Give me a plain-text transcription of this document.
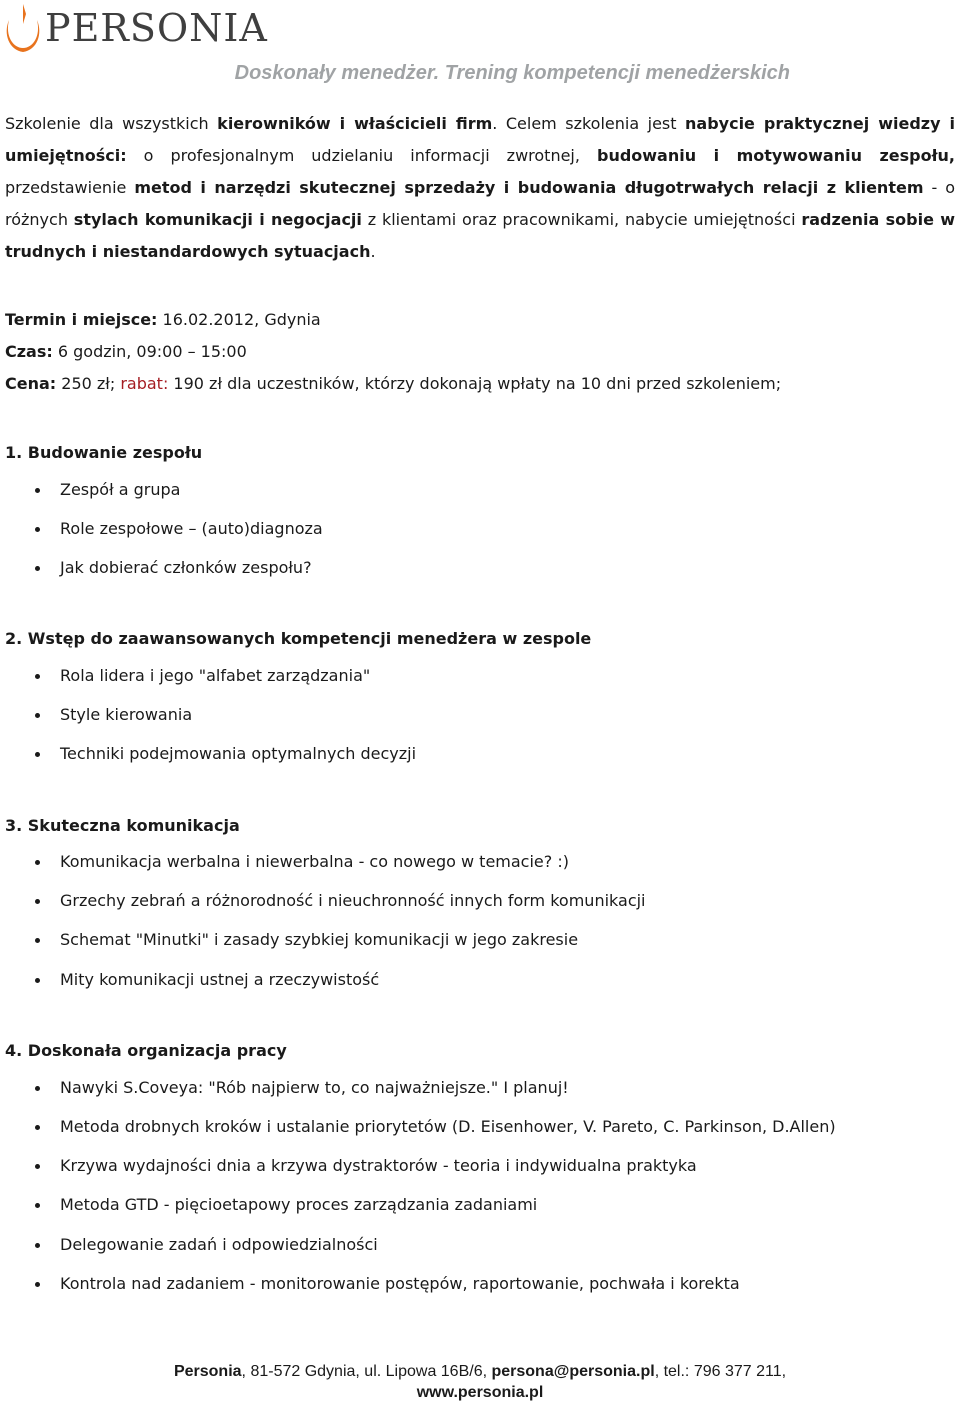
PERSONIA
Doskonały menedżer. Trening kompetencji menedżerskich
Szkolenie dla wszystkich kierowników i właścicieli firm. Celem szkolenia jest nabycie praktycznej wiedzy i umiejętności: o profesjonalnym udzielaniu informacji zwrotnej, budowaniu i motywowaniu zespołu, przedstawienie metod i narzędzi skutecznej sprzedaży i budowania długotrwałych relacji z klientem - o różnych stylach komunikacji i negocjacji z klientami oraz pracownikami, nabycie umiejętności radzenia sobie w trudnych i niestandardowych sytuacjach.
Termin i miejsce: 16.02.2012, Gdynia
Czas: 6 godzin, 09:00 – 15:00
Cena: 250 zł; rabat: 190 zł dla uczestników, którzy dokonają wpłaty na 10 dni przed szkoleniem;
1. Budowanie zespołu
Zespół a grupa
Role zespołowe – (auto)diagnoza
Jak dobierać członków zespołu?
2. Wstęp do zaawansowanych kompetencji menedżera w zespole
Rola lidera i jego "alfabet zarządzania"
Style kierowania
Techniki podejmowania optymalnych decyzji
3. Skuteczna komunikacja
Komunikacja werbalna i niewerbalna - co nowego w temacie? :)
Grzechy zebrań a różnorodność i nieuchronność innych form komunikacji
Schemat "Minutki" i zasady szybkiej komunikacji w jego zakresie
Mity komunikacji ustnej a rzeczywistość
4. Doskonała organizacja pracy
Nawyki S.Coveya: "Rób najpierw to, co najważniejsze." I planuj!
Metoda drobnych kroków i ustalanie priorytetów (D. Eisenhower, V. Pareto, C. Parkinson, D.Allen)
Krzywa wydajności dnia a krzywa dystraktorów - teoria i indywidualna praktyka
Metoda GTD - pięcioetapowy proces zarządzania zadaniami
Delegowanie zadań i odpowiedzialności
Kontrola nad zadaniem - monitorowanie postępów, raportowanie, pochwała i korekta
Personia, 81-572 Gdynia, ul. Lipowa 16B/6, persona@personia.pl, tel.: 796 377 211,
www.personia.pl
